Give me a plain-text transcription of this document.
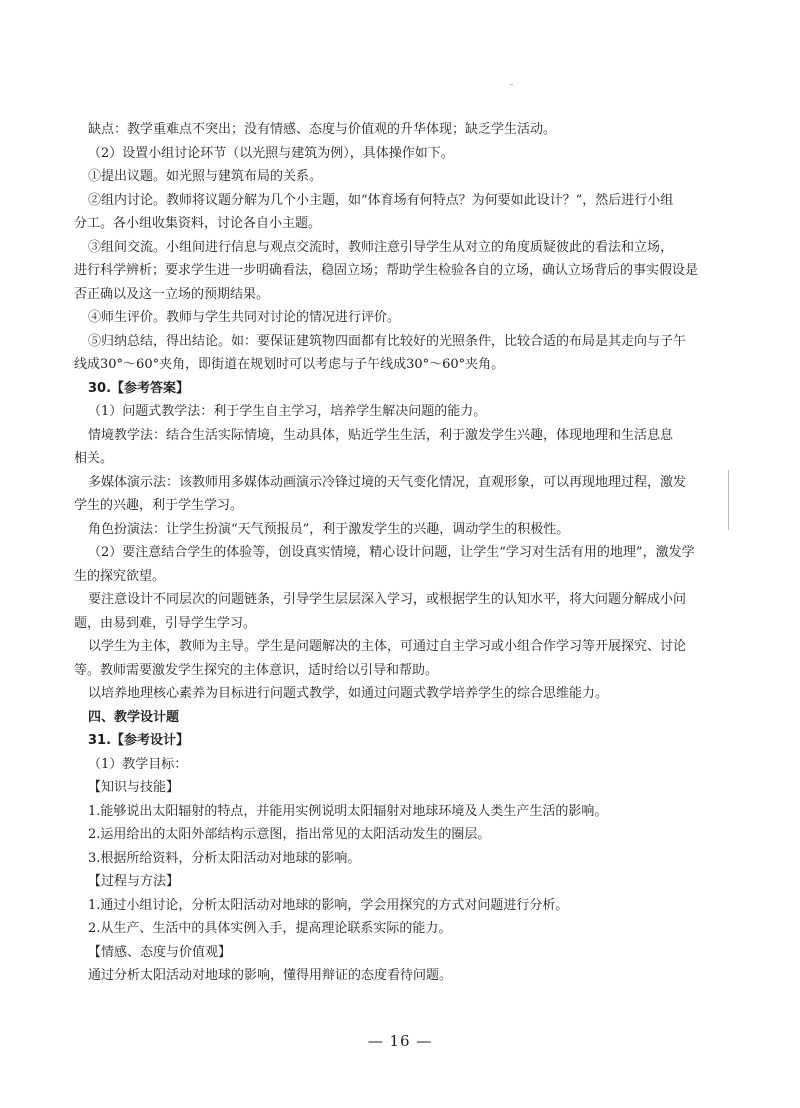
缺点：教学重难点不突出；没有情感、态度与价值观的升华体现；缺乏学生活动。
（2）设置小组讨论环节（以光照与建筑为例），具体操作如下。
①提出议题。如光照与建筑布局的关系。
②组内讨论。教师将议题分解为几个小主题，如“体育场有何特点？为何要如此设计？”，然后进行小组
分工。各小组收集资料，讨论各自小主题。
③组间交流。小组间进行信息与观点交流时，教师注意引导学生从对立的角度质疑彼此的看法和立场，
进行科学辨析；要求学生进一步明确看法，稳固立场；帮助学生检验各自的立场，确认立场背后的事实假设是
否正确以及这一立场的预期结果。
④师生评价。教师与学生共同对讨论的情况进行评价。
⑤归纳总结，得出结论。如：要保证建筑物四面都有比较好的光照条件，比较合适的布局是其走向与子午
线成30°～60°夹角，即街道在规划时可以考虑与子午线成30°～60°夹角。
30.【参考答案】
（1）问题式教学法：利于学生自主学习，培养学生解决问题的能力。
情境教学法：结合生活实际情境，生动具体，贴近学生生活，利于激发学生兴趣，体现地理和生活息息
相关。
多媒体演示法：该教师用多媒体动画演示冷锋过境的天气变化情况，直观形象，可以再现地理过程，激发
学生的兴趣，利于学生学习。
角色扮演法：让学生扮演“天气预报员”，利于激发学生的兴趣，调动学生的积极性。
（2）要注意结合学生的体验等，创设真实情境，精心设计问题，让学生“学习对生活有用的地理”，激发学
生的探究欲望。
要注意设计不同层次的问题链条，引导学生层层深入学习，或根据学生的认知水平，将大问题分解成小问
题，由易到难，引导学生学习。
以学生为主体，教师为主导。学生是问题解决的主体，可通过自主学习或小组合作学习等开展探究、讨论
等。教师需要激发学生探究的主体意识，适时给以引导和帮助。
以培养地理核心素养为目标进行问题式教学，如通过问题式教学培养学生的综合思维能力。
四、教学设计题
31.【参考设计】
（1）教学目标：
【知识与技能】
1.能够说出太阳辐射的特点，并能用实例说明太阳辐射对地球环境及人类生产生活的影响。
2.运用给出的太阳外部结构示意图，指出常见的太阳活动发生的圈层。
3.根据所给资料，分析太阳活动对地球的影响。
【过程与方法】
1.通过小组讨论，分析太阳活动对地球的影响，学会用探究的方式对问题进行分析。
2.从生产、生活中的具体实例入手，提高理论联系实际的能力。
【情感、态度与价值观】
通过分析太阳活动对地球的影响，懂得用辩证的态度看待问题。
— 16 —
